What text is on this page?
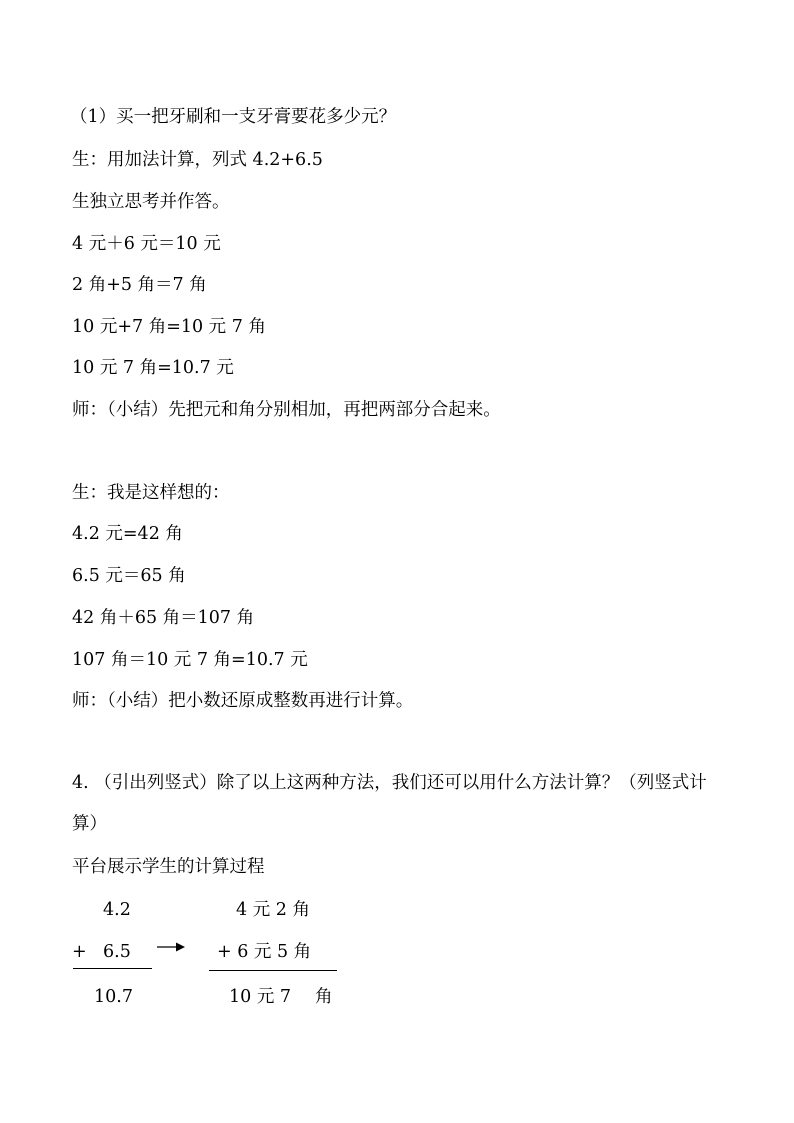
（1）买一把牙刷和一支牙膏要花多少元？
生：用加法计算，列式 4.2+6.5
生独立思考并作答。
4 元＋6 元＝10 元
2 角+5 角＝7 角
10 元+7 角=10 元 7 角
10 元 7 角=10.7 元
师：（小结）先把元和角分别相加，再把两部分合起来。
生：我是这样想的：
4.2 元=42 角
6.5 元＝65 角
42 角＋65 角＝107 角
107 角＝10 元 7 角=10.7 元
师：（小结）把小数还原成整数再进行计算。
4. （引出列竖式）除了以上这两种方法，我们还可以用什么方法计算？（列竖式计算）
平台展示学生的计算过程
4.2
+ 6.5
10.7
4 元 2 角
+ 6 元 5 角
10 元 7 角
